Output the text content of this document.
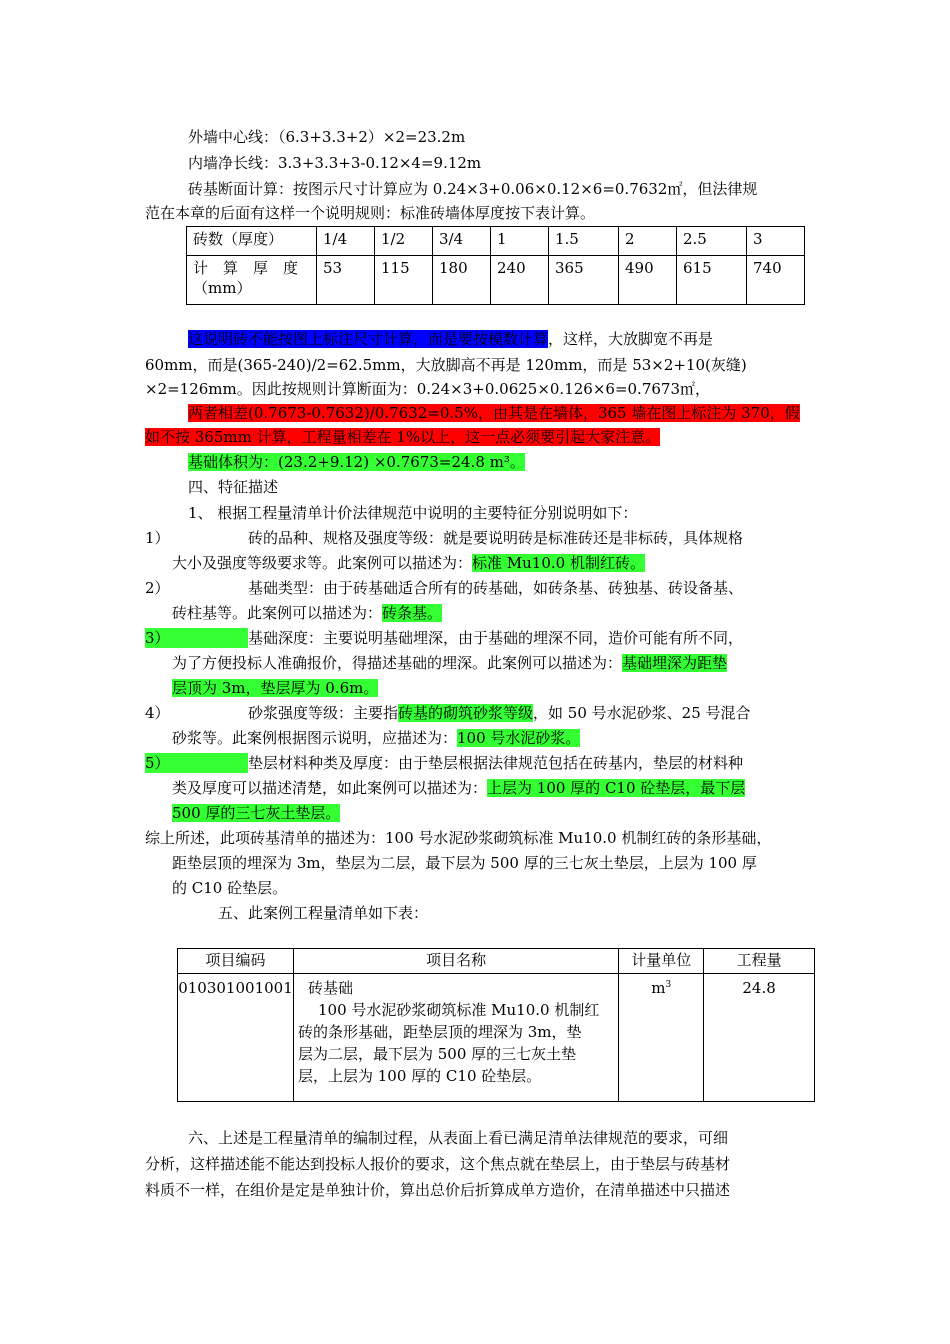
外墙中心线：（6.3+3.3+2）×2=23.2m
内墙净长线：3.3+3.3+3-0.12×4=9.12m
砖基断面计算：按图示尺寸计算应为 0.24×3+0.06×0.12×6=0.7632㎡，但法律规
范在本章的后面有这样一个说明规则：标准砖墙体厚度按下表计算。
砖数（厚度）	1/4	1/2	3/4	1	1.5	2	2.5	3

计　算　厚　度
（mm）	53	115	180	240	365	490	615	740
这说明砖不能按图上标注尺寸计算，而是要按模数计算，这样，大放脚宽不再是
60mm，而是(365-240)/2=62.5mm，大放脚高不再是 120mm，而是 53×2+10(灰缝)
×2=126mm。因此按规则计算断面为：0.24×3+0.0625×0.126×6=0.7673㎡，
两者相差(0.7673-0.7632)/0.7632=0.5%，由其是在墙体，365 墙在图上标注为 370，假
如不按 365mm 计算，工程量相差在 1%以上，这一点必须要引起大家注意。
基础体积为：(23.2+9.12) ×0.7673=24.8 m³。
四、特征描述
1、 根据工程量清单计价法律规范中说明的主要特征分别说明如下：
1）	砖的品种、规格及强度等级：就是要说明砖是标准砖还是非标砖，具体规格
大小及强度等级要求等。此案例可以描述为：标准 Mu10.0 机制红砖。
2）	基础类型：由于砖基础适合所有的砖基础，如砖条基、砖独基、砖设备基、
砖柱基等。此案例可以描述为：砖条基。
3）	基础深度：主要说明基础埋深，由于基础的埋深不同，造价可能有所不同，
为了方便投标人准确报价，得描述基础的埋深。此案例可以描述为：基础埋深为距垫
层顶为 3m，垫层厚为 0.6m。
4）	砂浆强度等级：主要指砖基的砌筑砂浆等级，如 50 号水泥砂浆、25 号混合
砂浆等。此案例根据图示说明，应描述为：100 号水泥砂浆。
5）	垫层材料种类及厚度：由于垫层根据法律规范包括在砖基内，垫层的材料种
类及厚度可以描述清楚，如此案例可以描述为：上层为 100 厚的 C10 砼垫层，最下层
500 厚的三七灰土垫层。
综上所述，此项砖基清单的描述为：100 号水泥砂浆砌筑标准 Mu10.0 机制红砖的条形基础，
距垫层顶的埋深为 3m，垫层为二层，最下层为 500 厚的三七灰土垫层，上层为 100 厚
的 C10 砼垫层。
五、此案例工程量清单如下表：
项目编码	项目名称	计量单位	工程量
010301001001	砖基础
100 号水泥砂浆砌筑标准 Mu10.0 机制红
砖的条形基础，距垫层顶的埋深为 3m，垫
层为二层，最下层为 500 厚的三七灰土垫
层，上层为 100 厚的 C10 砼垫层。	$m^3$	24.8
六、上述是工程量清单的编制过程，从表面上看已满足清单法律规范的要求，可细
分析，这样描述能不能达到投标人报价的要求，这个焦点就在垫层上，由于垫层与砖基材
料质不一样，在组价是定是单独计价，算出总价后折算成单方造价，在清单描述中只描述
